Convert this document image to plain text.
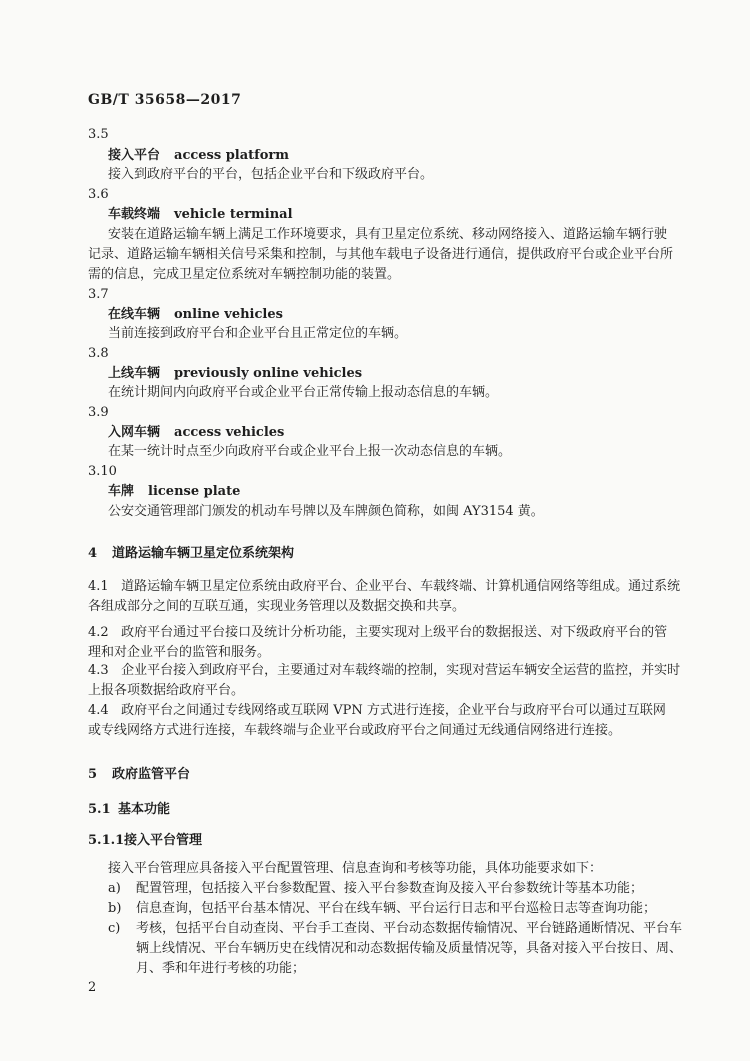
GB/T 35658—2017
3.5
接入平台 access platform
接入到政府平台的平台，包括企业平台和下级政府平台。
3.6
车载终端 vehicle terminal
安装在道路运输车辆上满足工作环境要求，具有卫星定位系统、移动网络接入、道路运输车辆行驶
记录、道路运输车辆相关信号采集和控制，与其他车载电子设备进行通信，提供政府平台或企业平台所
需的信息，完成卫星定位系统对车辆控制功能的装置。
3.7
在线车辆 online vehicles
当前连接到政府平台和企业平台且正常定位的车辆。
3.8
上线车辆 previously online vehicles
在统计期间内向政府平台或企业平台正常传输上报动态信息的车辆。
3.9
入网车辆 access vehicles
在某一统计时点至少向政府平台或企业平台上报一次动态信息的车辆。
3.10
车牌 license plate
公安交通管理部门颁发的机动车号牌以及车牌颜色简称，如闽 AY3154 黄。
4 道路运输车辆卫星定位系统架构
4.1 道路运输车辆卫星定位系统由政府平台、企业平台、车载终端、计算机通信网络等组成。通过系统
各组成部分之间的互联互通，实现业务管理以及数据交换和共享。
4.2 政府平台通过平台接口及统计分析功能，主要实现对上级平台的数据报送、对下级政府平台的管
理和对企业平台的监管和服务。
4.3 企业平台接入到政府平台，主要通过对车载终端的控制，实现对营运车辆安全运营的监控，并实时
上报各项数据给政府平台。
4.4 政府平台之间通过专线网络或互联网 VPN 方式进行连接，企业平台与政府平台可以通过互联网
或专线网络方式进行连接，车载终端与企业平台或政府平台之间通过无线通信网络进行连接。
5 政府监管平台
5.1 基本功能
5.1.1接入平台管理
接入平台管理应具备接入平台配置管理、信息查询和考核等功能，具体功能要求如下：
a) 配置管理，包括接入平台参数配置、接入平台参数查询及接入平台参数统计等基本功能；
b) 信息查询，包括平台基本情况、平台在线车辆、平台运行日志和平台巡检日志等查询功能；
c) 考核，包括平台自动查岗、平台手工查岗、平台动态数据传输情况、平台链路通断情况、平台车
辆上线情况、平台车辆历史在线情况和动态数据传输及质量情况等，具备对接入平台按日、周、
月、季和年进行考核的功能；
2
